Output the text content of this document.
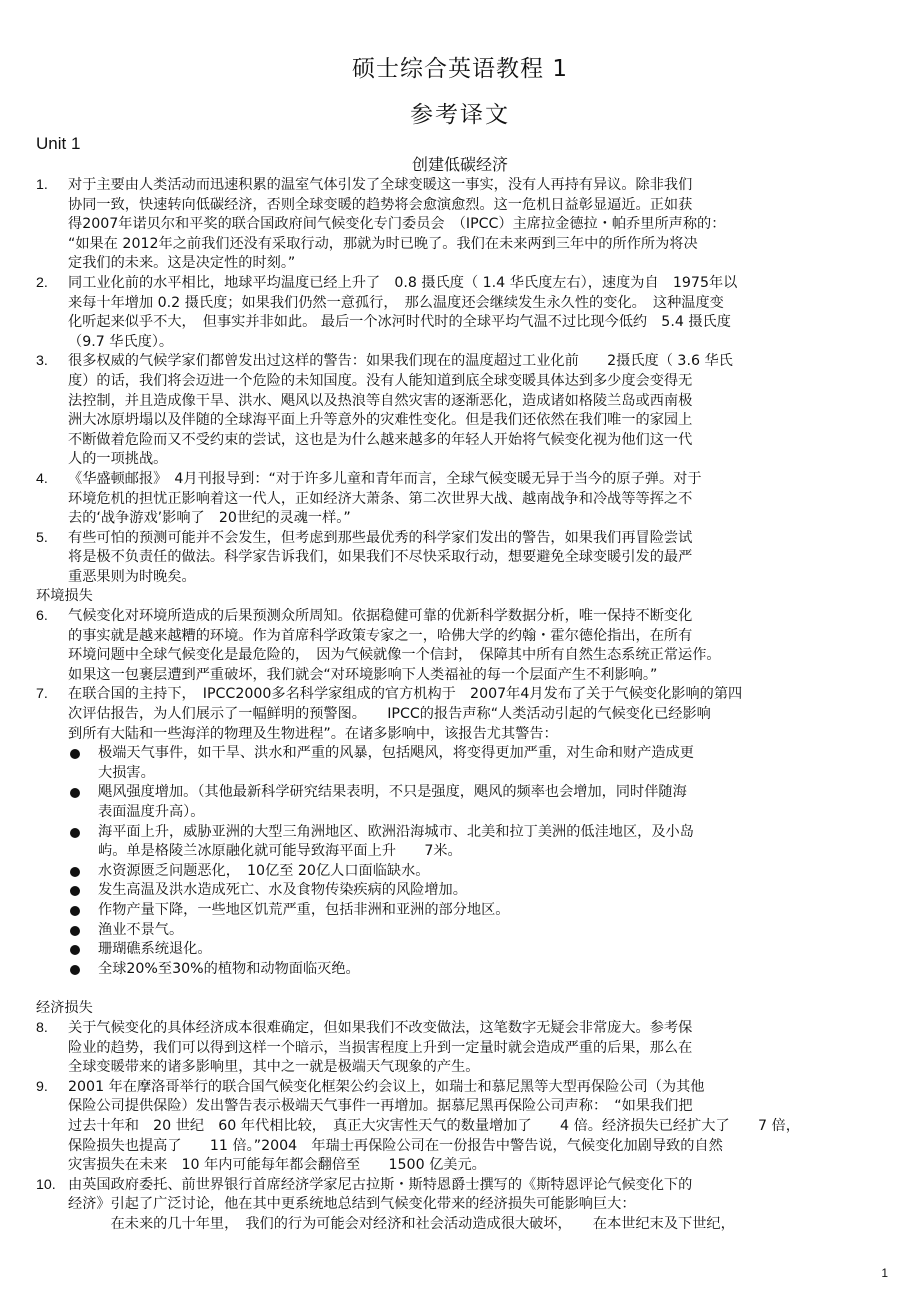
硕士综合英语教程 1
参考译文
Unit 1
创建低碳经济
1. 对于主要由人类活动而迅速积累的温室气体引发了全球变暖这一事实，没有人再持有异议。除非我们
协同一致，快速转向低碳经济，否则全球变暖的趋势将会愈演愈烈。这一危机日益彰显逼近。正如获
得2007年诺贝尔和平奖的联合国政府间气候变化专门委员会　（IPCC）主席拉金德拉・帕乔里所声称的：
“如果在 2012年之前我们还没有采取行动，那就为时已晚了。我们在未来两到三年中的所作所为将决
定我们的未来。这是决定性的时刻。”
2. 同工业化前的水平相比，地球平均温度已经上升了　0.8 摄氏度（ 1.4 华氏度左右），速度为自　1975年以
来每十年增加 0.2 摄氏度；如果我们仍然一意孤行，　那么温度还会继续发生永久性的变化。　这种温度变
化听起来似乎不大，　但事实并非如此。 最后一个冰河时代时的全球平均气温不过比现今低约　5.4 摄氏度
（9.7 华氏度）。
3. 很多权威的气候学家们都曾发出过这样的警告：如果我们现在的温度超过工业化前　　2摄氏度（ 3.6 华氏
度）的话，我们将会迈进一个危险的未知国度。没有人能知道到底全球变暖具体达到多少度会变得无
法控制，并且造成像干旱、洪水、飓风以及热浪等自然灾害的逐渐恶化，造成诸如格陵兰岛或西南极
洲大冰原坍塌以及伴随的全球海平面上升等意外的灾难性变化。但是我们还依然在我们唯一的家园上
不断做着危险而又不受约束的尝试，这也是为什么越来越多的年轻人开始将气候变化视为他们这一代
人的一项挑战。
4. 《华盛顿邮报》　4月刊报导到：“对于许多儿童和青年而言，全球气候变暖无异于当今的原子弹。对于
环境危机的担忧正影响着这一代人，正如经济大萧条、第二次世界大战、越南战争和冷战等等挥之不
去的‘战争游戏’影响了　20世纪的灵魂一样。”
5. 有些可怕的预测可能并不会发生，但考虑到那些最优秀的科学家们发出的警告，如果我们再冒险尝试
将是极不负责任的做法。科学家告诉我们，如果我们不尽快采取行动，想要避免全球变暖引发的最严
重恶果则为时晚矣。

环境损失

6. 气候变化对环境所造成的后果预测众所周知。依据稳健可靠的优新科学数据分析，唯一保持不断变化
的事实就是越来越糟的环境。作为首席科学政策专家之一，哈佛大学的约翰・霍尔德伦指出，在所有
环境问题中全球气候变化是最危险的，　因为气候就像一个信封，　保障其中所有自然生态系统正常运作。
如果这一包裹层遭到严重破坏，我们就会“对环境影响下人类福祉的每一个层面产生不利影响。”
7. 在联合国的主持下，　IPCC2000多名科学家组成的官方机构于　2007年4月发布了关于气候变化影响的第四
次评估报告，为人们展示了一幅鲜明的预警图。　　IPCC的报告声称“人类活动引起的气候变化已经影响
到所有大陆和一些海洋的物理及生物进程”。在诸多影响中，该报告尤其警告：
极端天气事件，如干旱、洪水和严重的风暴，包括飓风，将变得更加严重，对生命和财产造成更
大损害。
飓风强度增加。（其他最新科学研究结果表明，不只是强度，飓风的频率也会增加，同时伴随海
表面温度升高）。
海平面上升，威胁亚洲的大型三角洲地区、欧洲沿海城市、北美和拉丁美洲的低洼地区，及小岛
屿。单是格陵兰冰原融化就可能导致海平面上升　　7米。
水资源匮乏问题恶化，　10亿至 20亿人口面临缺水。
发生高温及洪水造成死亡、水及食物传染疾病的风险增加。
作物产量下降，一些地区饥荒严重，包括非洲和亚洲的部分地区。
渔业不景气。
珊瑚礁系统退化。
全球20%至30%的植物和动物面临灭绝。

经济损失

8. 关于气候变化的具体经济成本很难确定，但如果我们不改变做法，这笔数字无疑会非常庞大。参考保
险业的趋势，我们可以得到这样一个暗示，当损害程度上升到一定量时就会造成严重的后果，那么在
全球变暖带来的诸多影响里，其中之一就是极端天气现象的产生。
9. 2001 年在摩洛哥举行的联合国气候变化框架公约会议上，如瑞士和慕尼黑等大型再保险公司（为其他
保险公司提供保险）发出警告表示极端天气事件一再增加。据慕尼黑再保险公司声称：　“如果我们把
过去十年和　20 世纪　60 年代相比较，　真正大灾害性天气的数量增加了　　4 倍。经济损失已经扩大了　　7 倍，
保险损失也提高了　　11 倍。”2004　年瑞士再保险公司在一份报告中警告说，气候变化加剧导致的自然
灾害损失在未来　10 年内可能每年都会翻倍至　　1500 亿美元。
10. 由英国政府委托、前世界银行首席经济学家尼古拉斯・斯特恩爵士撰写的《斯特恩评论气候变化下的
经济》引起了广泛讨论，他在其中更系统地总结到气候变化带来的经济损失可能影响巨大：
　　　在未来的几十年里，　我们的行为可能会对经济和社会活动造成很大破坏，　　在本世纪末及下世纪，
1
